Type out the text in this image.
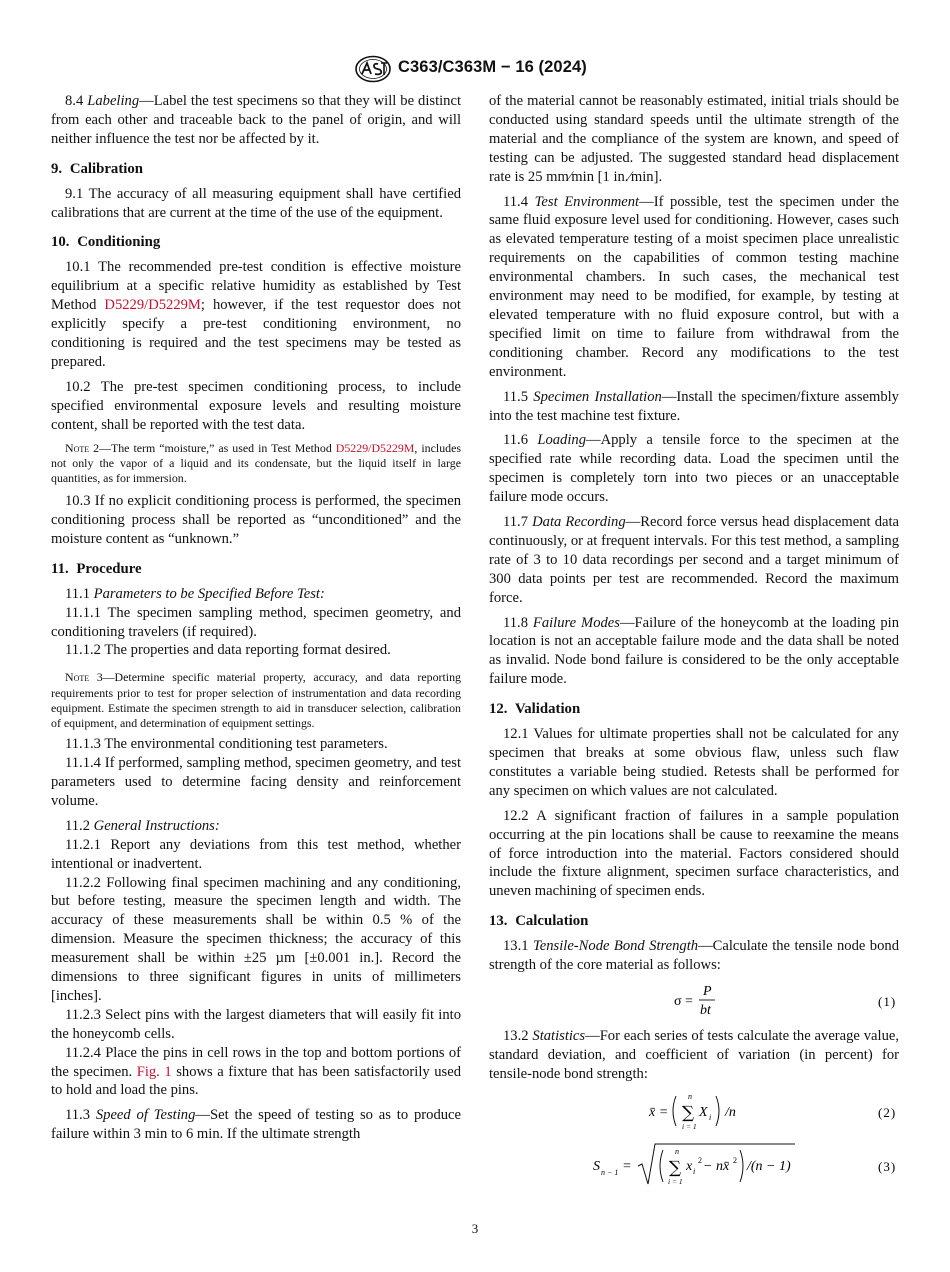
C363/C363M − 16 (2024)
8.4 Labeling—Label the test specimens so that they will be distinct from each other and traceable back to the panel of origin, and will neither influence the test nor be affected by it.
9. Calibration
9.1 The accuracy of all measuring equipment shall have certified calibrations that are current at the time of the use of the equipment.
10. Conditioning
10.1 The recommended pre-test condition is effective moisture equilibrium at a specific relative humidity as established by Test Method D5229/D5229M; however, if the test requestor does not explicitly specify a pre-test conditioning environment, no conditioning is required and the test specimens may be tested as prepared.
10.2 The pre-test specimen conditioning process, to include specified environmental exposure levels and resulting moisture content, shall be reported with the test data.
Note 2—The term “moisture,” as used in Test Method D5229/D5229M, includes not only the vapor of a liquid and its condensate, but the liquid itself in large quantities, as for immersion.
10.3 If no explicit conditioning process is performed, the specimen conditioning process shall be reported as “unconditioned” and the moisture content as “unknown.”
11. Procedure
11.1 Parameters to be Specified Before Test:
11.1.1 The specimen sampling method, specimen geometry, and conditioning travelers (if required).
11.1.2 The properties and data reporting format desired.
Note 3—Determine specific material property, accuracy, and data reporting requirements prior to test for proper selection of instrumentation and data recording equipment. Estimate the specimen strength to aid in transducer selection, calibration of equipment, and determination of equipment settings.
11.1.3 The environmental conditioning test parameters.
11.1.4 If performed, sampling method, specimen geometry, and test parameters used to determine facing density and reinforcement volume.
11.2 General Instructions:
11.2.1 Report any deviations from this test method, whether intentional or inadvertent.
11.2.2 Following final specimen machining and any conditioning, but before testing, measure the specimen length and width. The accuracy of these measurements shall be within 0.5 % of the dimension. Measure the specimen thickness; the accuracy of this measurement shall be within ±25 µm [±0.001 in.]. Record the dimensions to three significant figures in units of millimeters [inches].
11.2.3 Select pins with the largest diameters that will easily fit into the honeycomb cells.
11.2.4 Place the pins in cell rows in the top and bottom portions of the specimen. Fig. 1 shows a fixture that has been satisfactorily used to hold and load the pins.
11.3 Speed of Testing—Set the speed of testing so as to produce failure within 3 min to 6 min. If the ultimate strength
of the material cannot be reasonably estimated, initial trials should be conducted using standard speeds until the ultimate strength of the material and the compliance of the system are known, and speed of testing can be adjusted. The suggested standard head displacement rate is 25 mm⁄min [1 in.⁄min].
11.4 Test Environment—If possible, test the specimen under the same fluid exposure level used for conditioning. However, cases such as elevated temperature testing of a moist specimen place unrealistic requirements on the capabilities of common testing machine environmental chambers. In such cases, the mechanical test environment may need to be modified, for example, by testing at elevated temperature with no fluid exposure control, but with a specified limit on time to failure from withdrawal from the conditioning chamber. Record any modifications to the test environment.
11.5 Specimen Installation—Install the specimen/fixture assembly into the test machine test fixture.
11.6 Loading—Apply a tensile force to the specimen at the specified rate while recording data. Load the specimen until the specimen is completely torn into two pieces or an unacceptable failure mode occurs.
11.7 Data Recording—Record force versus head displacement data continuously, or at frequent intervals. For this test method, a sampling rate of 3 to 10 data recordings per second and a target minimum of 300 data points per test are recommended. Record the maximum force.
11.8 Failure Modes—Failure of the honeycomb at the loading pin location is not an acceptable failure mode and the data shall be noted as invalid. Node bond failure is considered to be the only acceptable failure mode.
12. Validation
12.1 Values for ultimate properties shall not be calculated for any specimen that breaks at some obvious flaw, unless such flaw constitutes a variable being studied. Retests shall be performed for any specimen on which values are not calculated.
12.2 A significant fraction of failures in a sample population occurring at the pin locations shall be cause to reexamine the means of force introduction into the material. Factors considered should include the fixture alignment, specimen surface characteristics, and uneven machining of specimen ends.
13. Calculation
13.1 Tensile-Node Bond Strength—Calculate the tensile node bond strength of the core material as follows:
σ =
P
bt
(1)
13.2 Statistics—For each series of tests calculate the average value, standard deviation, and coefficient of variation (in percent) for tensile-node bond strength:
x̄ =
n
∑
i = 1
X i /n	(2)
S n − 1 =
n
∑
i = 1
x i
2 − nx̄ 2 /(n − 1)	(3)
3
